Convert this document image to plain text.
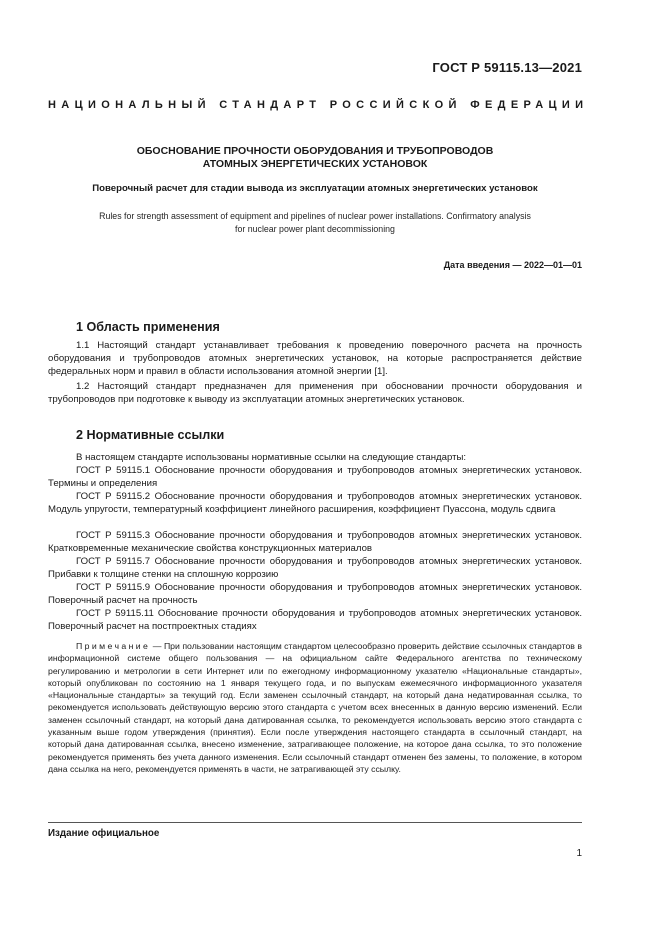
ГОСТ Р 59115.13—2021
НАЦИОНАЛЬНЫЙ СТАНДАРТ РОССИЙСКОЙ ФЕДЕРАЦИИ
ОБОСНОВАНИЕ ПРОЧНОСТИ ОБОРУДОВАНИЯ И ТРУБОПРОВОДОВ
АТОМНЫХ ЭНЕРГЕТИЧЕСКИХ УСТАНОВОК
Поверочный расчет для стадии вывода из эксплуатации атомных энергетических установок
Rules for strength assessment of equipment and pipelines of nuclear power installations. Confirmatory analysis
for nuclear power plant decommissioning
Дата введения — 2022—01—01
1 Область применения

1.1 Настоящий стандарт устанавливает требования к проведению поверочного расчета на прочность оборудования и трубопроводов атомных энергетических установок, на которые распространяется действие федеральных норм и правил в области использования атомной энергии [1].

1.2 Настоящий стандарт предназначен для применения при обосновании прочности оборудования и трубопроводов при подготовке к выводу из эксплуатации атомных энергетических установок.

2 Нормативные ссылки

В настоящем стандарте использованы нормативные ссылки на следующие стандарты:

ГОСТ Р 59115.1 Обоснование прочности оборудования и трубопроводов атомных энергетических установок. Термины и определения

ГОСТ Р 59115.2 Обоснование прочности оборудования и трубопроводов атомных энергетических установок. Модуль упругости, температурный коэффициент линейного расширения, коэффициент Пуассона, модуль сдвига

ГОСТ Р 59115.3 Обоснование прочности оборудования и трубопроводов атомных энергетических установок. Кратковременные механические свойства конструкционных материалов

ГОСТ Р 59115.7 Обоснование прочности оборудования и трубопроводов атомных энергетических установок. Прибавки к толщине стенки на сплошную коррозию

ГОСТ Р 59115.9 Обоснование прочности оборудования и трубопроводов атомных энергетических установок. Поверочный расчет на прочность

ГОСТ Р 59115.11 Обоснование прочности оборудования и трубопроводов атомных энергетических установок. Поверочный расчет на постпроектных стадиях

Примечание — При пользовании настоящим стандартом целесообразно проверить действие ссылочных стандартов в информационной системе общего пользования — на официальном сайте Федерального агентства по техническому регулированию и метрологии в сети Интернет или по ежегодному информационному указателю «Национальные стандарты», который опубликован по состоянию на 1 января текущего года, и по выпускам ежемесячного информационного указателя «Национальные стандарты» за текущий год. Если заменен ссылочный стандарт, на который дана недатированная ссылка, то рекомендуется использовать действующую версию этого стандарта с учетом всех внесенных в данную версию изменений. Если заменен ссылочный стандарт, на который дана датированная ссылка, то рекомендуется использовать версию этого стандарта с указанным выше годом утверждения (принятия). Если после утверждения настоящего стандарта в ссылочный стандарт, на который дана датированная ссылка, внесено изменение, затрагивающее положение, на которое дана ссылка, то это положение рекомендуется применять без учета данного изменения. Если ссылочный стандарт отменен без замены, то положение, в котором дана ссылка на него, рекомендуется применять в части, не затрагивающей эту ссылку.
Издание официальное
1
